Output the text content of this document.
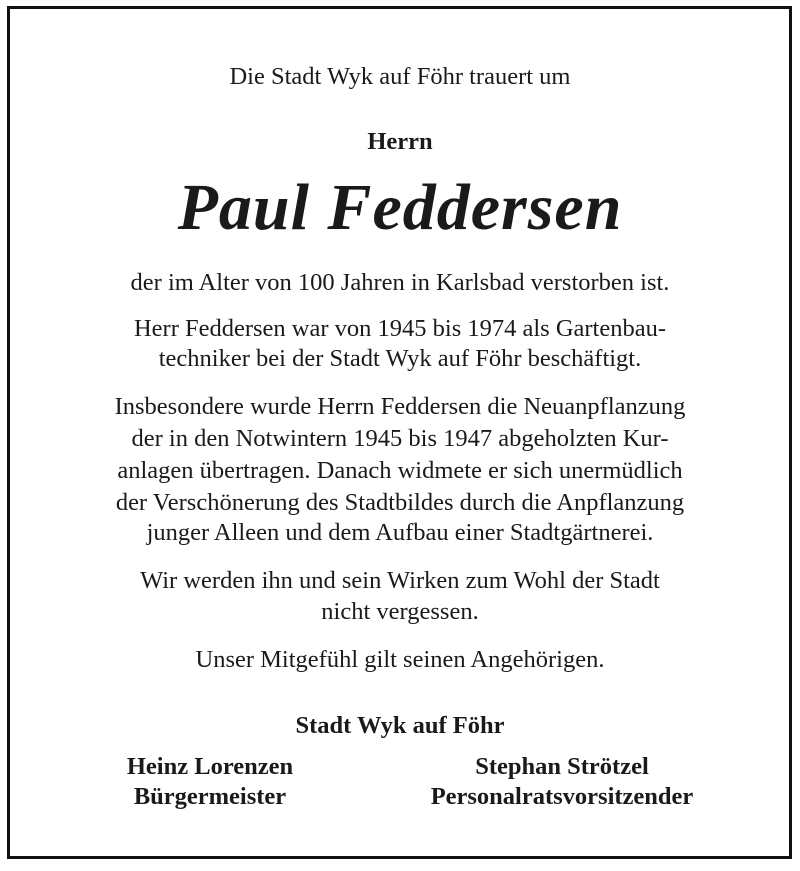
Die Stadt Wyk auf Föhr trauert um
Herrn
Paul Feddersen
der im Alter von 100 Jahren in Karlsbad verstorben ist.
Herr Feddersen war von 1945 bis 1974 als Gartenbau-
techniker bei der Stadt Wyk auf Föhr beschäftigt.
Insbesondere wurde Herrn Feddersen die Neuanpflanzung
der in den Notwintern 1945 bis 1947 abgeholzten Kur-
anlagen übertragen. Danach widmete er sich unermüdlich
der Verschönerung des Stadtbildes durch die Anpflanzung
junger Alleen und dem Aufbau einer Stadtgärtnerei.
Wir werden ihn und sein Wirken zum Wohl der Stadt
nicht vergessen.
Unser Mitgefühl gilt seinen Angehörigen.
Stadt Wyk auf Föhr
Heinz Lorenzen
Bürgermeister
Stephan Strötzel
Personalratsvorsitzender
